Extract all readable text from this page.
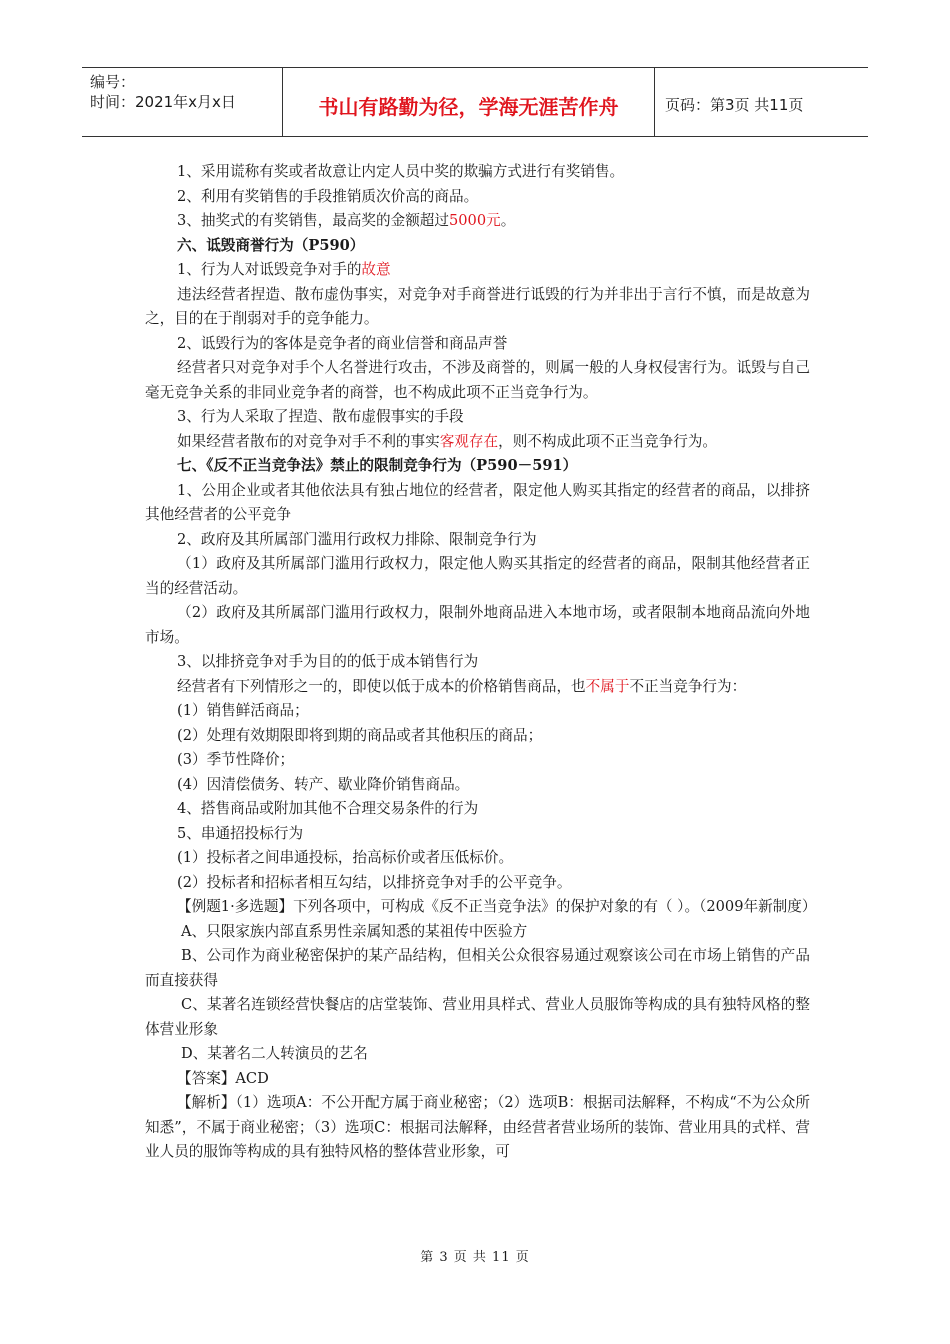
编号：
时间：2021年x月x日	书山有路勤为径，学海无涯苦作舟	页码：第3页 共11页

1、采用谎称有奖或者故意让内定人员中奖的欺骗方式进行有奖销售。

2、利用有奖销售的手段推销质次价高的商品。

3、抽奖式的有奖销售，最高奖的金额超过5000元。

六、诋毁商誉行为（P590）

1、行为人对诋毁竞争对手的故意

违法经营者捏造、散布虚伪事实，对竞争对手商誉进行诋毁的行为并非出于言行不慎，而是故意为之，目的在于削弱对手的竞争能力。

2、诋毁行为的客体是竞争者的商业信誉和商品声誉

经营者只对竞争对手个人名誉进行攻击，不涉及商誉的，则属一般的人身权侵害行为。诋毁与自己毫无竞争关系的非同业竞争者的商誉，也不构成此项不正当竞争行为。

3、行为人采取了捏造、散布虚假事实的手段

如果经营者散布的对竞争对手不利的事实客观存在，则不构成此项不正当竞争行为。

七、《反不正当竞争法》禁止的限制竞争行为（P590－591）

1、公用企业或者其他依法具有独占地位的经营者，限定他人购买其指定的经营者的商品，以排挤其他经营者的公平竞争

2、政府及其所属部门滥用行政权力排除、限制竞争行为

（1）政府及其所属部门滥用行政权力，限定他人购买其指定的经营者的商品，限制其他经营者正当的经营活动。

（2）政府及其所属部门滥用行政权力，限制外地商品进入本地市场，或者限制本地商品流向外地市场。

3、以排挤竞争对手为目的的低于成本销售行为

经营者有下列情形之一的，即使以低于成本的价格销售商品，也不属于不正当竞争行为：

(1）销售鲜活商品；

(2）处理有效期限即将到期的商品或者其他积压的商品；

(3）季节性降价；

(4）因清偿债务、转产、歇业降价销售商品。

4、搭售商品或附加其他不合理交易条件的行为

5、串通招投标行为

(1）投标者之间串通投标，抬高标价或者压低标价。

(2）投标者和招标者相互勾结，以排挤竞争对手的公平竞争。

【例题1·多选题】下列各项中，可构成《反不正当竞争法》的保护对象的有（ ）。（2009年新制度）

A、只限家族内部直系男性亲属知悉的某祖传中医验方

B、公司作为商业秘密保护的某产品结构，但相关公众很容易通过观察该公司在市场上销售的产品而直接获得

C、某著名连锁经营快餐店的店堂装饰、营业用具样式、营业人员服饰等构成的具有独特风格的整体营业形象

D、某著名二人转演员的艺名

【答案】ACD

【解析】（1）选项A：不公开配方属于商业秘密；（2）选项B：根据司法解释，不构成“不为公众所知悉”，不属于商业秘密；（3）选项C：根据司法解释，由经营者营业场所的装饰、营业用具的式样、营业人员的服饰等构成的具有独特风格的整体营业形象，可

第 3 页 共 11 页
